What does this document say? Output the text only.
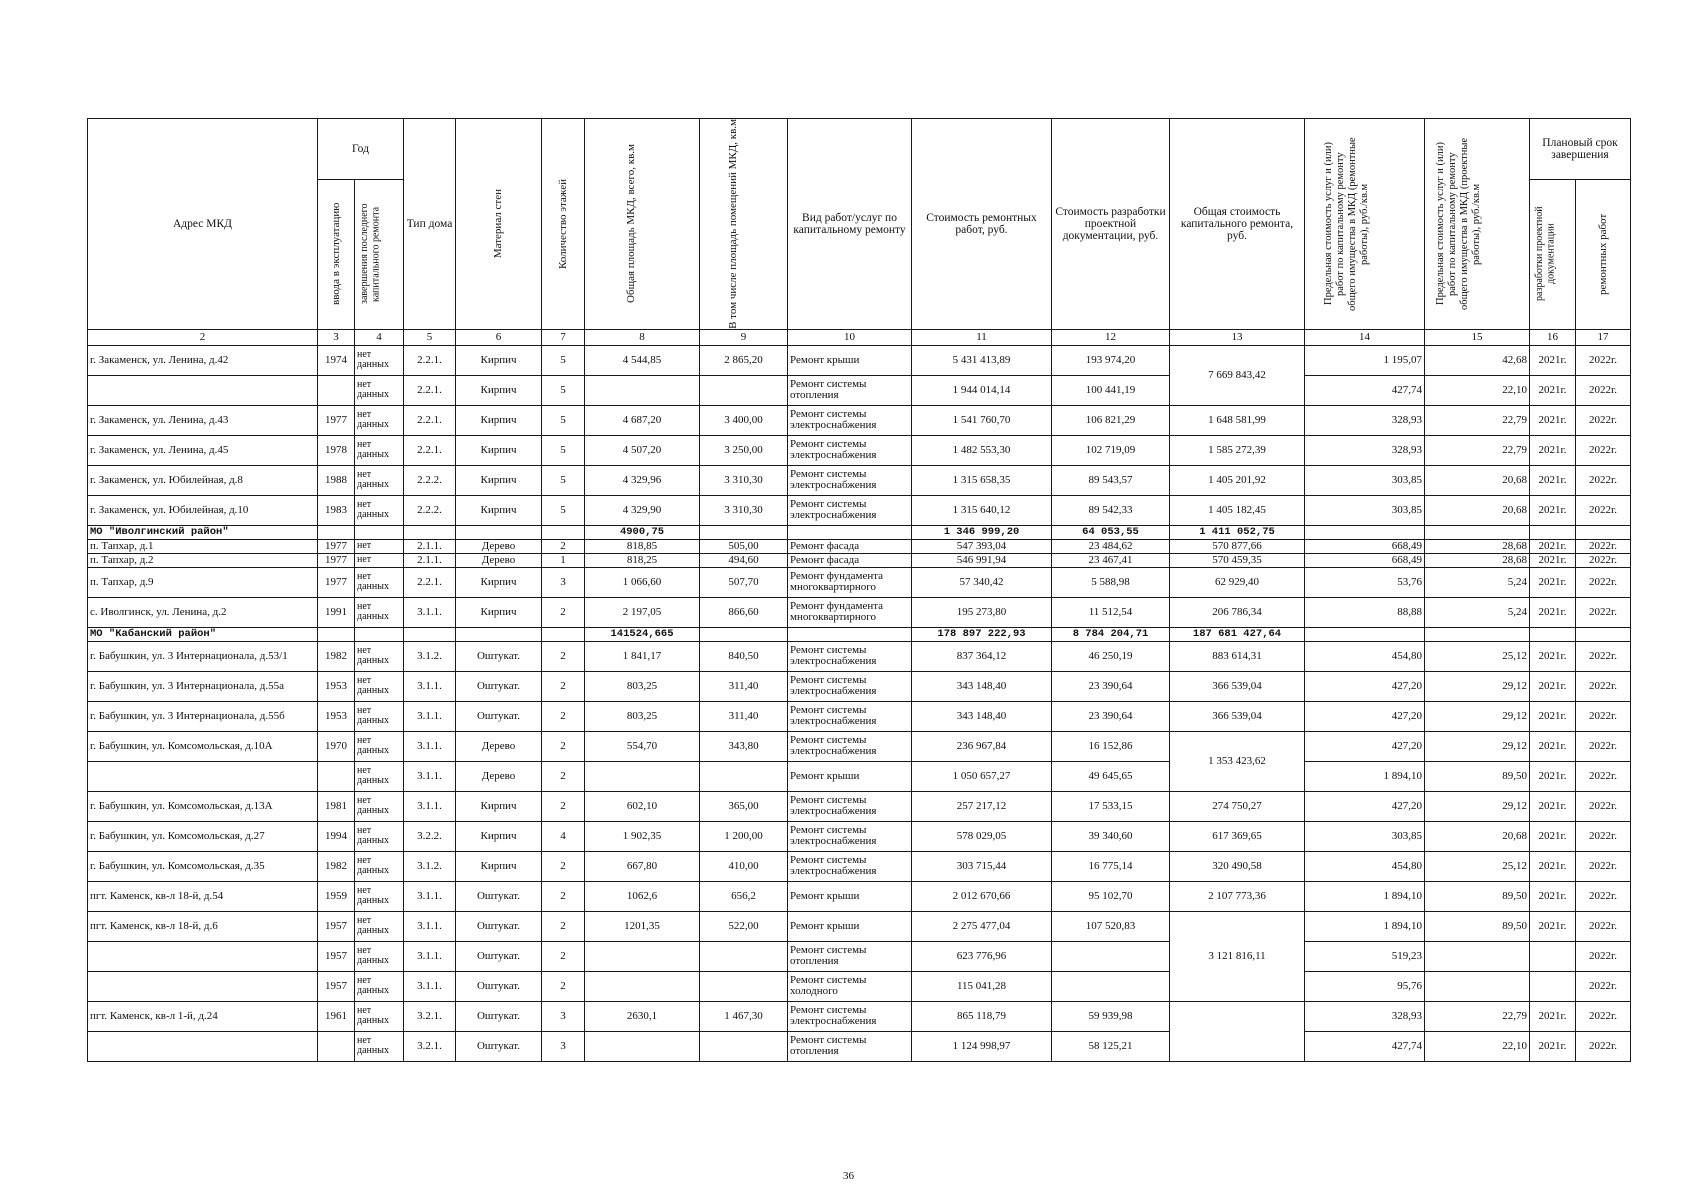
Адрес МКД	Год		Тип дома	Материал стен	Количество этажей	Общая площадь МКД, всего, кв.м	В том числе площадь помещений МКД, кв.м	Вид работ/услуг по капитальному ремонту	Стоимость ремонтных работ, руб.	Стоимость разработки проектной документации, руб.	Общая стоимость капитального ремонта, руб.	Предельная стоимость услуг и (или) работ по капитальному ремонту общего имущества в МКД (ремонтные работы), руб./кв.м	Предельная стоимость услуг и (или) работ по капитальному ремонту общего имущества в МКД (проектные работы), руб./кв.м	Плановый срок завершения	

	ввода в эксплуатацию	завершения последнего капитального ремонта												разработки проектной документации	ремонтных работ

2	3	4	5	6	7	8	9	10	11	12	13	14	15	16	17
г. Закаменск, ул. Ленина, д.42	1974	нет данных	2.2.1.	Кирпич	5	4 544,85	2 865,20	Ремонт крыши	5 431 413,89	193 974,20	7 669 843,42	1 195,07	42,68	2021г.	2022г.
		нет данных	2.2.1.	Кирпич	5			Ремонт системы отопления	1 944 014,14	100 441,19		427,74	22,10	2021г.	2022г.
г. Закаменск, ул. Ленина, д.43	1977	нет данных	2.2.1.	Кирпич	5	4 687,20	3 400,00	Ремонт системы электроснабжения	1 541 760,70	106 821,29	1 648 581,99	328,93	22,79	2021г.	2022г.
г. Закаменск, ул. Ленина, д.45	1978	нет данных	2.2.1.	Кирпич	5	4 507,20	3 250,00	Ремонт системы электроснабжения	1 482 553,30	102 719,09	1 585 272,39	328,93	22,79	2021г.	2022г.
г. Закаменск, ул. Юбилейная, д.8	1988	нет данных	2.2.2.	Кирпич	5	4 329,96	3 310,30	Ремонт системы электроснабжения	1 315 658,35	89 543,57	1 405 201,92	303,85	20,68	2021г.	2022г.
г. Закаменск, ул. Юбилейная, д.10	1983	нет данных	2.2.2.	Кирпич	5	4 329,90	3 310,30	Ремонт системы электроснабжения	1 315 640,12	89 542,33	1 405 182,45	303,85	20,68	2021г.	2022г.
МО "Иволгинский район"						4900,75			1 346 999,20	64 053,55	1 411 052,75				
п. Тапхар, д.1	1977	нет	2.1.1.	Дерево	2	818,85	505,00	Ремонт фасада	547 393,04	23 484,62	570 877,66	668,49	28,68	2021г.	2022г.
п. Тапхар, д.2	1977	нет	2.1.1.	Дерево	1	818,25	494,60	Ремонт фасада	546 991,94	23 467,41	570 459,35	668,49	28,68	2021г.	2022г.
п. Тапхар, д.9	1977	нет данных	2.2.1.	Кирпич	3	1 066,60	507,70	Ремонт фундамента многоквартирного	57 340,42	5 588,98	62 929,40	53,76	5,24	2021г.	2022г.
с. Иволгинск, ул. Ленина, д.2	1991	нет данных	3.1.1.	Кирпич	2	2 197,05	866,60	Ремонт фундамента многоквартирного	195 273,80	11 512,54	206 786,34	88,88	5,24	2021г.	2022г.
МО "Кабанский район"						141524,665			178 897 222,93	8 784 204,71	187 681 427,64				
г. Бабушкин, ул. 3 Интернационала, д.53/1	1982	нет данных	3.1.2.	Оштукат.	2	1 841,17	840,50	Ремонт системы электроснабжения	837 364,12	46 250,19	883 614,31	454,80	25,12	2021г.	2022г.
г. Бабушкин, ул. 3 Интернационала, д.55а	1953	нет данных	3.1.1.	Оштукат.	2	803,25	311,40	Ремонт системы электроснабжения	343 148,40	23 390,64	366 539,04	427,20	29,12	2021г.	2022г.
г. Бабушкин, ул. 3 Интернационала, д.55б	1953	нет данных	3.1.1.	Оштукат.	2	803,25	311,40	Ремонт системы электроснабжения	343 148,40	23 390,64	366 539,04	427,20	29,12	2021г.	2022г.
г. Бабушкин, ул. Комсомольская, д.10А	1970	нет данных	3.1.1.	Дерево	2	554,70	343,80	Ремонт системы электроснабжения	236 967,84	16 152,86	1 353 423,62	427,20	29,12	2021г.	2022г.
		нет данных	3.1.1.	Дерево	2			Ремонт крыши	1 050 657,27	49 645,65		1 894,10	89,50	2021г.	2022г.
г. Бабушкин, ул. Комсомольская, д.13А	1981	нет данных	3.1.1.	Кирпич	2	602,10	365,00	Ремонт системы электроснабжения	257 217,12	17 533,15	274 750,27	427,20	29,12	2021г.	2022г.
г. Бабушкин, ул. Комсомольская, д.27	1994	нет данных	3.2.2.	Кирпич	4	1 902,35	1 200,00	Ремонт системы электроснабжения	578 029,05	39 340,60	617 369,65	303,85	20,68	2021г.	2022г.
г. Бабушкин, ул. Комсомольская, д.35	1982	нет данных	3.1.2.	Кирпич	2	667,80	410,00	Ремонт системы электроснабжения	303 715,44	16 775,14	320 490,58	454,80	25,12	2021г.	2022г.
пгт. Каменск, кв-л 18-й, д.54	1959	нет данных	3.1.1.	Оштукат.	2	1062,6	656,2	Ремонт крыши	2 012 670,66	95 102,70	2 107 773,36	1 894,10	89,50	2021г.	2022г.
пгт. Каменск, кв-л 18-й, д.6	1957	нет данных	3.1.1.	Оштукат.	2	1201,35	522,00	Ремонт крыши	2 275 477,04	107 520,83	3 121 816,11	1 894,10	89,50	2021г.	2022г.
	1957	нет данных	3.1.1.	Оштукат.	2			Ремонт системы отопления	623 776,96			519,23			2022г.
	1957	нет данных	3.1.1.	Оштукат.	2			Ремонт системы холодного	115 041,28			95,76			2022г.
пгт. Каменск, кв-л 1-й, д.24	1961	нет данных	3.2.1.	Оштукат.	3	2630,1	1 467,30	Ремонт системы электроснабжения	865 118,79	59 939,98		328,93	22,79	2021г.	2022г.
		нет данных	3.2.1.	Оштукат.	3			Ремонт системы отопления	1 124 998,97	58 125,21		427,74	22,10	2021г.	2022г.
36
